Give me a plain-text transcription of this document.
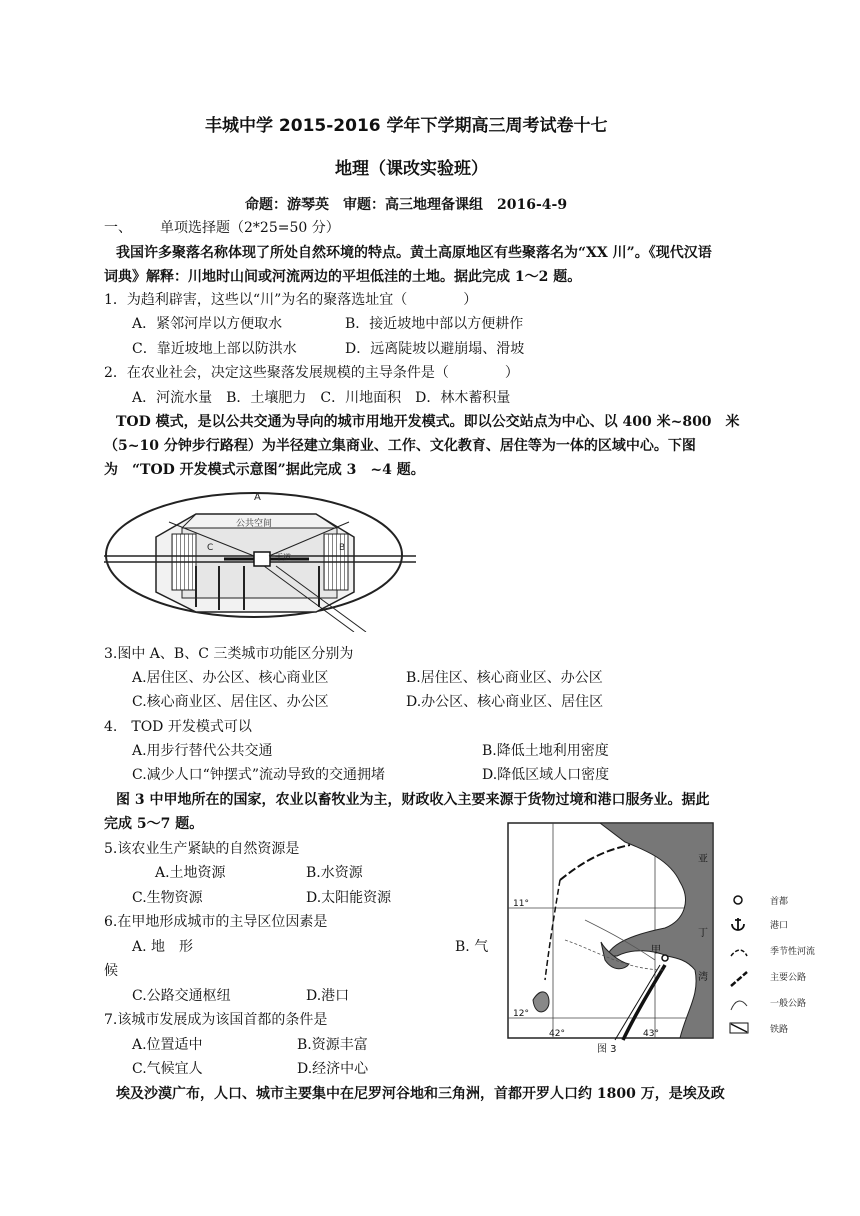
丰城中学 2015-2016 学年下学期高三周考试卷十七
地理（课改实验班）
命题：游琴英　审题：高三地理备课组　2016-4-9
一、 单项选择题（2*25=50 分）
我国许多聚落名称体现了所处自然环境的特点。黄土高原地区有些聚落名为“XX 川”。《现代汉语
词典》解释：川地时山间或河流两边的平坦低洼的土地。据此完成 1～2 题。
1．为趋利辟害，这些以“川”为名的聚落选址宜（　　　　）
A．紧邻河岸以方便取水	B．接近坡地中部以方便耕作
C．靠近坡地上部以防洪水	D．远离陡坡以避崩塌、滑坡
2．在农业社会，决定这些聚落发展规模的主导条件是（　　　　）
A．河流水量　B．土壤肥力　C．川地面积　D．林木蓄积量
TOD 模式，是以公共交通为导向的城市用地开发模式。即以公交站点为中心、以 400 米~800　米
（5~10 分钟步行路程）为半径建立集商业、工作、文化教育、居住等为一体的区域中心。下图
为　“TOD 开发模式示意图”据此完成 3　~4 题。
A
公共空间
B
C
干道
3.图中 A、B、C 三类城市功能区分别为
A.居住区、办公区、核心商业区	B.居住区、核心商业区、办公区
C.核心商业区、居住区、办公区	D.办公区、核心商业区、居住区
4.　TOD 开发模式可以
A.用步行替代公共交通	B.降低土地利用密度
C.减少人口“钟摆式”流动导致的交通拥堵	D.降低区域人口密度
图 3 中甲地所在的国家，农业以畜牧业为主，财政收入主要来源于货物过境和港口服务业。据此
完成 5～7 题。
5.该农业生产紧缺的自然资源是
A.土地资源	B.水资源
C.生物资源	D.太阳能资源
6.在甲地形成城市的主导区位因素是
A. 地　形	B. 气
候
C.公路交通枢纽	D.港口
7.该城市发展成为该国首都的条件是
A.位置适中	B.资源丰富
C.气候宜人	D.经济中心
埃及沙漠广布，人口、城市主要集中在尼罗河谷地和三角洲，首都开罗人口约 1800 万，是埃及政
甲
11°
12°
42°	43°
亚
丁
湾
图 3
首都
港口
季节性河流
主要公路
一般公路
铁路
